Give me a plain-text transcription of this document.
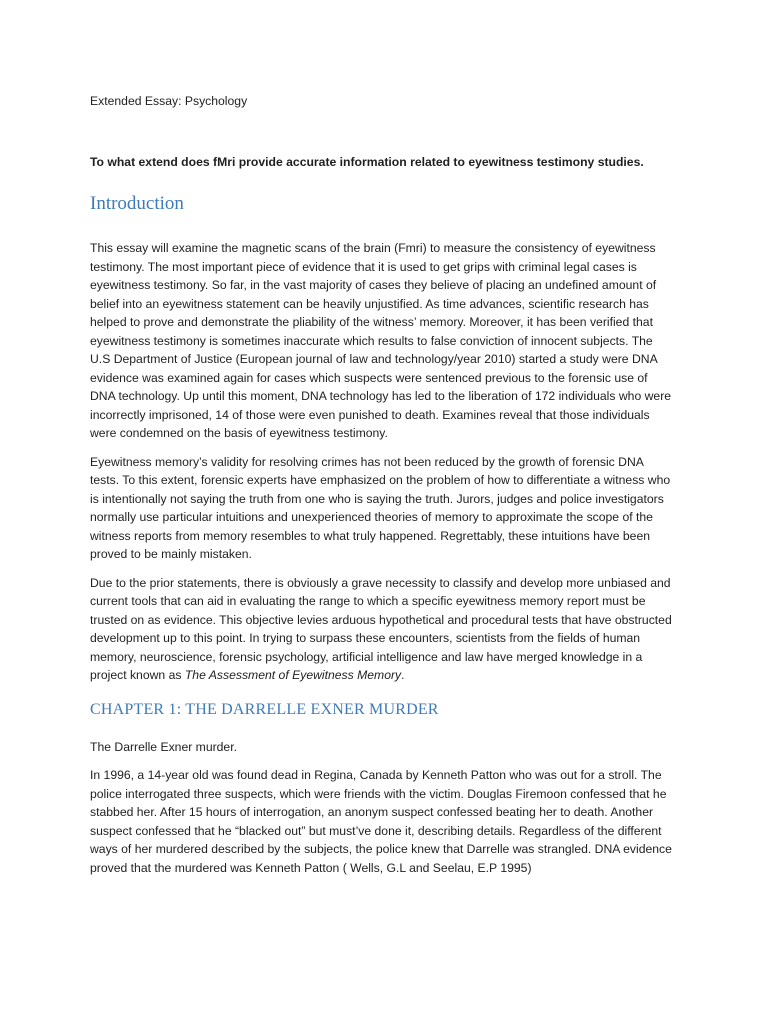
Extended Essay: Psychology

To what extend does fMri provide accurate information related to eyewitness testimony studies.

Introduction

This essay will examine the magnetic scans of the brain (Fmri) to measure the consistency of eyewitness testimony. The most important piece of evidence that it is used to get grips with criminal legal cases is eyewitness testimony. So far, in the vast majority of cases they believe of placing an undefined amount of belief into an eyewitness statement can be heavily unjustified. As time advances, scientific research has helped to prove and demonstrate the pliability of the witness’ memory. Moreover, it has been verified that eyewitness testimony is sometimes inaccurate which results to false conviction of innocent subjects. The U.S Department of Justice (European journal of law and technology/year 2010) started a study were DNA evidence was examined again for cases which suspects were sentenced previous to the forensic use of DNA technology. Up until this moment, DNA technology has led to the liberation of 172 individuals who were incorrectly imprisoned, 14 of those were even punished to death. Examines reveal that those individuals were condemned on the basis of eyewitness testimony.

Eyewitness memory’s validity for resolving crimes has not been reduced by the growth of forensic DNA tests. To this extent, forensic experts have emphasized on the problem of how to differentiate a witness who is intentionally not saying the truth from one who is saying the truth. Jurors, judges and police investigators normally use particular intuitions and unexperienced theories of memory to approximate the scope of the witness reports from memory resembles to what truly happened. Regrettably, these intuitions have been proved to be mainly mistaken.

Due to the prior statements, there is obviously a grave necessity to classify and develop more unbiased and current tools that can aid in evaluating the range to which a specific eyewitness memory report must be trusted on as evidence. This objective levies arduous hypothetical and procedural tests that have obstructed development up to this point. In trying to surpass these encounters, scientists from the fields of human memory, neuroscience, forensic psychology, artificial intelligence and law have merged knowledge in a project known as The Assessment of Eyewitness Memory.

CHAPTER 1: THE DARRELLE EXNER MURDER

The Darrelle Exner murder.

In 1996, a 14-year old was found dead in Regina, Canada by Kenneth Patton who was out for a stroll. The police interrogated three suspects, which were friends with the victim. Douglas Firemoon confessed that he stabbed her. After 15 hours of interrogation, an anonym suspect confessed beating her to death. Another suspect confessed that he “blacked out” but must’ve done it, describing details. Regardless of the different ways of her murdered described by the subjects, the police knew that Darrelle was strangled. DNA evidence proved that the murdered was Kenneth Patton ( Wells, G.L and Seelau, E.P 1995)
